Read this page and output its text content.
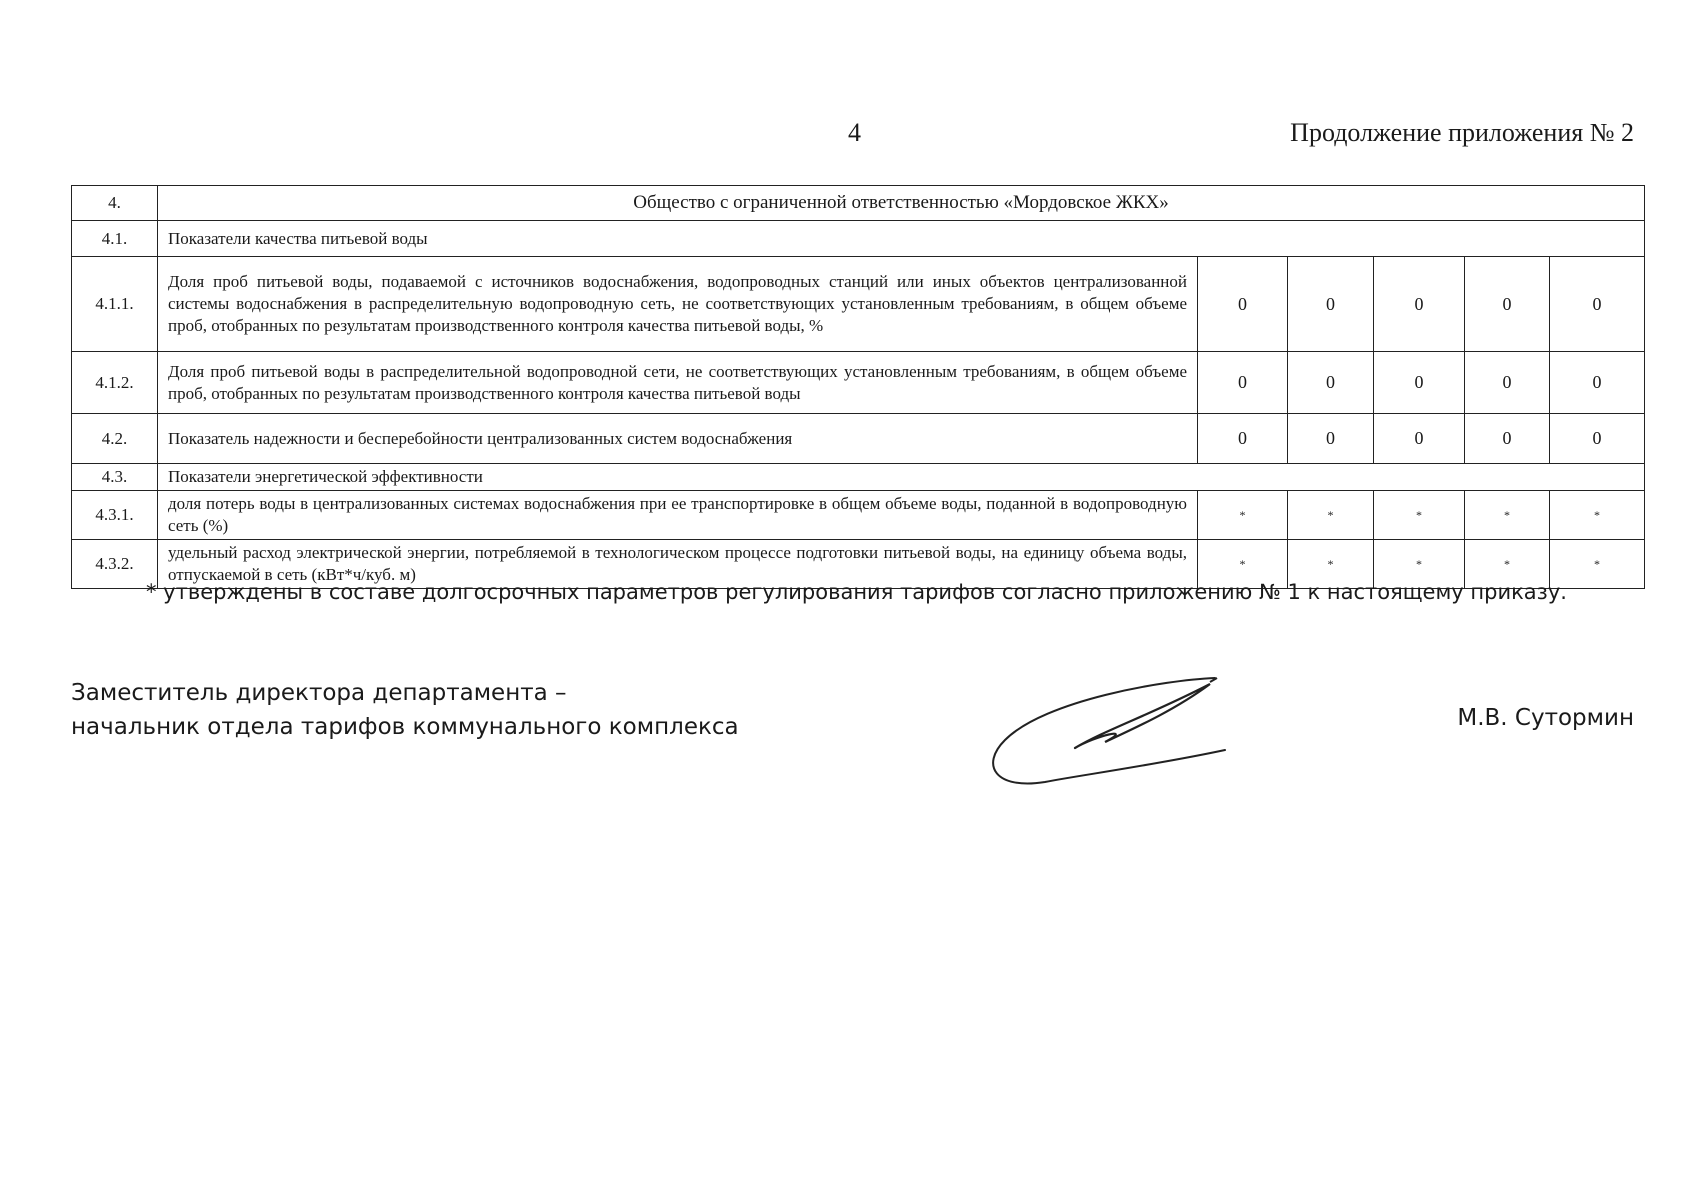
4	Продолжение приложения № 2
4.	Общество с ограниченной ответственностью «Мордовское ЖКХ»					
4.1.	Показатели качества питьевой воды					
4.1.1.	Доля проб питьевой воды, подаваемой с источников водоснабжения, водопроводных станций или иных объектов централизованной системы водоснабжения в распределительную водопроводную сеть, не соответствующих установленным требованиям, в общем объеме проб, отобранных по результатам производственного контроля качества питьевой воды, %	0	0	0	0	0
4.1.2.	Доля проб питьевой воды в распределительной водопроводной сети, не соответствующих установленным требованиям, в общем объеме проб, отобранных по результатам производственного контроля качества питьевой воды	0	0	0	0	0
4.2.	Показатель надежности и бесперебойности централизованных систем водоснабжения	0	0	0	0	0
4.3.	Показатели энергетической эффективности					
4.3.1.	доля потерь воды в централизованных системах водоснабжения при ее транспортировке в общем объеме воды, поданной в водопроводную сеть (%)	*	*	*	*	*
4.3.2.	удельный расход электрической энергии, потребляемой в технологическом процессе подготовки питьевой воды, на единицу объема воды, отпускаемой в сеть (кВт*ч/куб. м)	*	*	*	*	*
* утверждены в составе долгосрочных параметров регулирования тарифов согласно приложению № 1 к настоящему приказу.
Заместитель директора департамента –
начальник отдела тарифов коммунального комплекса	М.В. Сутормин
